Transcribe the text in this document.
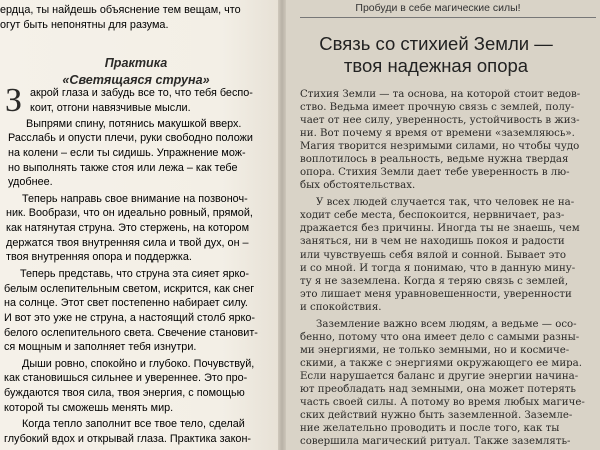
ердца, ты найдешь объяснение тем вещам, что
огут быть непонятны для разума.
Практика
«Светящаяся струна»
З акрой глаза и забудь все то, что тебя беспо-
коит, отгони навязчивые мысли.
Выпрями спину, потянись макушкой вверх.
Расслабь и опусти плечи, руки свободно положи
на колени – если ты сидишь. Упражнение мож-
но выполнять также стоя или лежа – как тебе
удобнее.
Теперь направь свое внимание на позвоноч-
ник. Вообрази, что он идеально ровный, прямой,
как натянутая струна. Это стержень, на котором
держатся твоя внутренняя сила и твой дух, он –
твоя внутренняя опора и поддержка.
Теперь представь, что струна эта сияет ярко-
белым ослепительным светом, искрится, как снег
на солнце. Этот свет постепенно набирает силу.
И вот это уже не струна, а настоящий столб ярко-
белого ослепительного света. Свечение становит-
ся мощным и заполняет тебя изнутри.
Дыши ровно, спокойно и глубоко. Почувствуй,
как становишься сильнее и увереннее. Это про-
буждаются твоя сила, твоя энергия, с помощью
которой ты сможешь менять мир.
Когда тепло заполнит все твое тело, сделай
глубокий вдох и открывай глаза. Практика закон-
Пробуди в себе магические силы!
Связь со стихией Земли —
твоя надежная опора
Стихия Земли — та основа, на которой стоит ведов-
ство. Ведьма имеет прочную связь с землей, полу-
чает от нее силу, уверенность, устойчивость в жиз-
ни. Вот почему я время от времени «заземляюсь».
Магия творится незримыми силами, но чтобы чудо
воплотилось в реальность, ведьме нужна твердая
опора. Стихия Земли дает тебе уверенность в лю-
бых обстоятельствах.
У всех людей случается так, что человек не на-
ходит себе места, беспокоится, нервничает, раз-
дражается без причины. Иногда ты не знаешь, чем
заняться, ни в чем не находишь покоя и радости
или чувствуешь себя вялой и сонной. Бывает это
и со мной. И тогда я понимаю, что в данную мину-
ту я не заземлена. Когда я теряю связь с землей,
это лишает меня уравновешенности, уверенности
и спокойствия.
Заземление важно всем людям, а ведьме — осо-
бенно, потому что она имеет дело с самыми разны-
ми энергиями, не только земными, но и космиче-
скими, а также с энергиями окружающего ее мира.
Если нарушается баланс и другие энергии начина-
ют преобладать над земными, она может потерять
часть своей силы. А потому во время любых магиче-
ских действий нужно быть заземленной. Заземле-
ние желательно проводить и после того, как ты
совершила магический ритуал. Также заземлять-
